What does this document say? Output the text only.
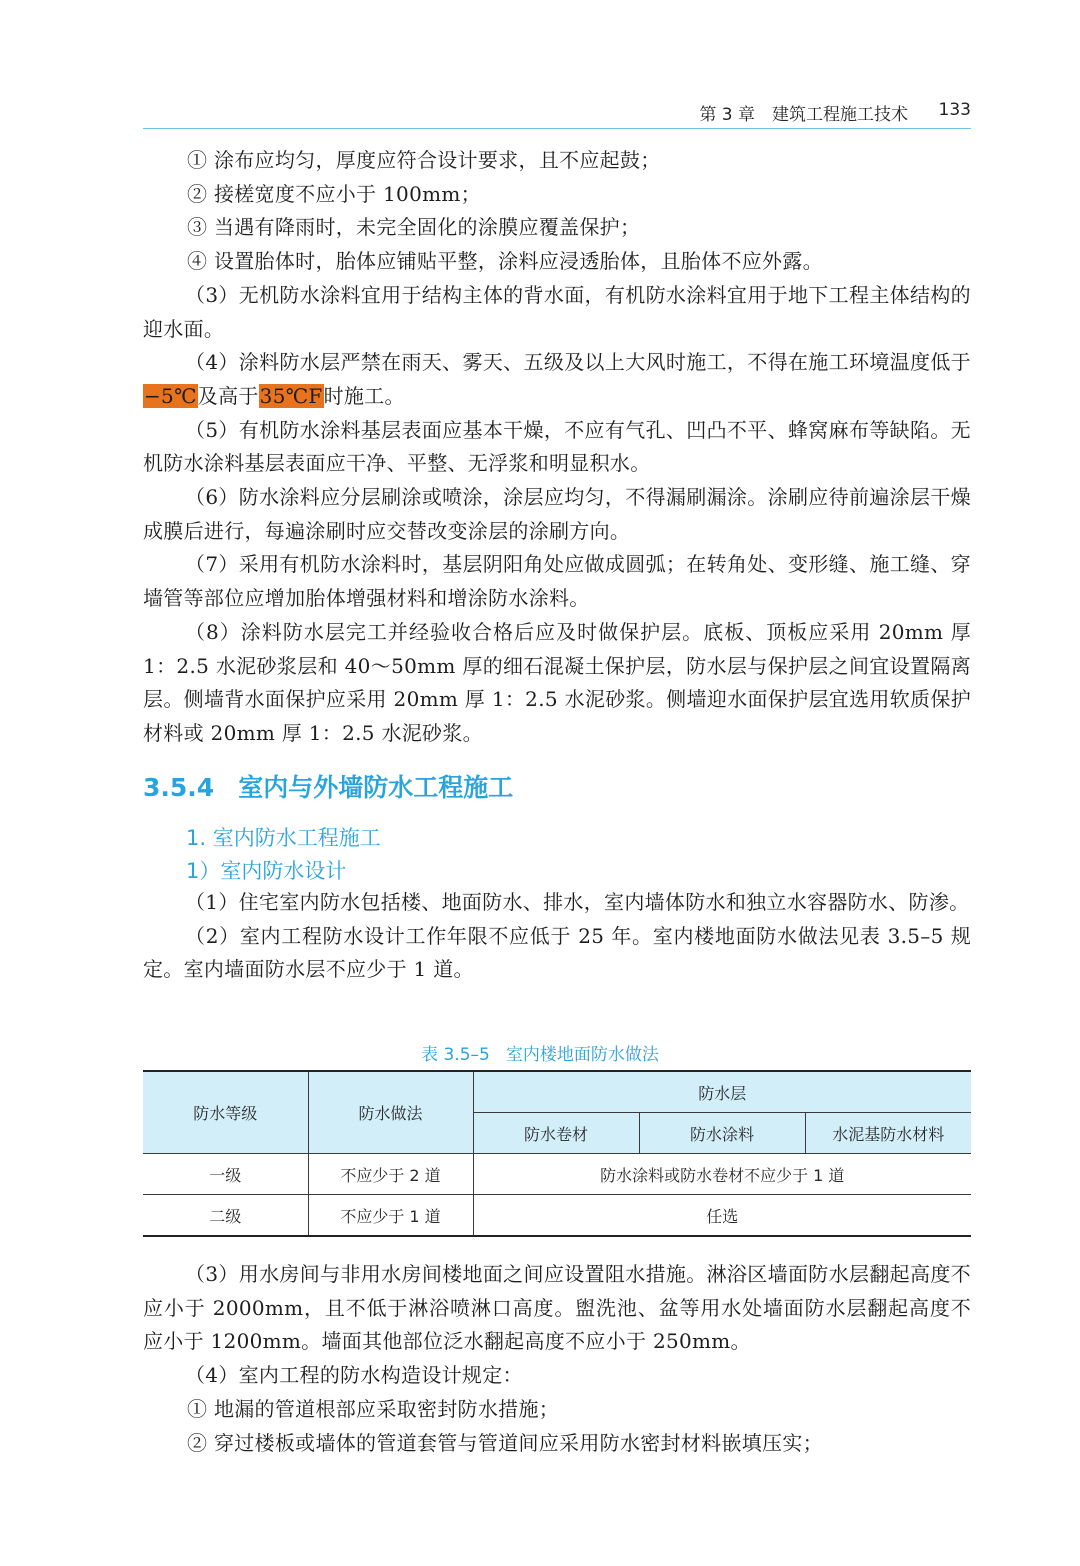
第 3 章　建筑工程施工技术 133

① 涂布应均匀，厚度应符合设计要求，且不应起鼓；

② 接槎宽度不应小于 100mm；

③ 当遇有降雨时，未完全固化的涂膜应覆盖保护；

④ 设置胎体时，胎体应铺贴平整，涂料应浸透胎体，且胎体不应外露。

（3）无机防水涂料宜用于结构主体的背水面，有机防水涂料宜用于地下工程主体结构的迎水面。

（4）涂料防水层严禁在雨天、雾天、五级及以上大风时施工，不得在施工环境温度低于−5℃及高于35℃F时施工。

（5）有机防水涂料基层表面应基本干燥，不应有气孔、凹凸不平、蜂窝麻布等缺陷。无机防水涂料基层表面应干净、平整、无浮浆和明显积水。

（6）防水涂料应分层刷涂或喷涂，涂层应均匀，不得漏刷漏涂。涂刷应待前遍涂层干燥成膜后进行，每遍涂刷时应交替改变涂层的涂刷方向。

（7）采用有机防水涂料时，基层阴阳角处应做成圆弧；在转角处、变形缝、施工缝、穿墙管等部位应增加胎体增强材料和增涂防水涂料。

（8）涂料防水层完工并经验收合格后应及时做保护层。底板、顶板应采用 20mm 厚 1：2.5 水泥砂浆层和 40～50mm 厚的细石混凝土保护层，防水层与保护层之间宜设置隔离层。侧墙背水面保护应采用 20mm 厚 1：2.5 水泥砂浆。侧墙迎水面保护层宜选用软质保护材料或 20mm 厚 1：2.5 水泥砂浆。

3.5.4 室内与外墙防水工程施工
1. 室内防水工程施工
1）室内防水设计

（1）住宅室内防水包括楼、地面防水、排水，室内墙体防水和独立水容器防水、防渗。

（2）室内工程防水设计工作年限不应低于 25 年。室内楼地面防水做法见表 3.5–5 规定。室内墙面防水层不应少于 1 道。

表 3.5–5 室内楼地面防水做法
防水等级	防水做法	防水层		
		防水卷材	防水涂料	水泥基防水材料
一级	不应少于 2 道	防水涂料或防水卷材不应少于 1 道		
二级	不应少于 1 道	任选		

（3）用水房间与非用水房间楼地面之间应设置阻水措施。淋浴区墙面防水层翻起高度不应小于 2000mm，且不低于淋浴喷淋口高度。盥洗池、盆等用水处墙面防水层翻起高度不应小于 1200mm。墙面其他部位泛水翻起高度不应小于 250mm。

（4）室内工程的防水构造设计规定：

① 地漏的管道根部应采取密封防水措施；

② 穿过楼板或墙体的管道套管与管道间应采用防水密封材料嵌填压实；
